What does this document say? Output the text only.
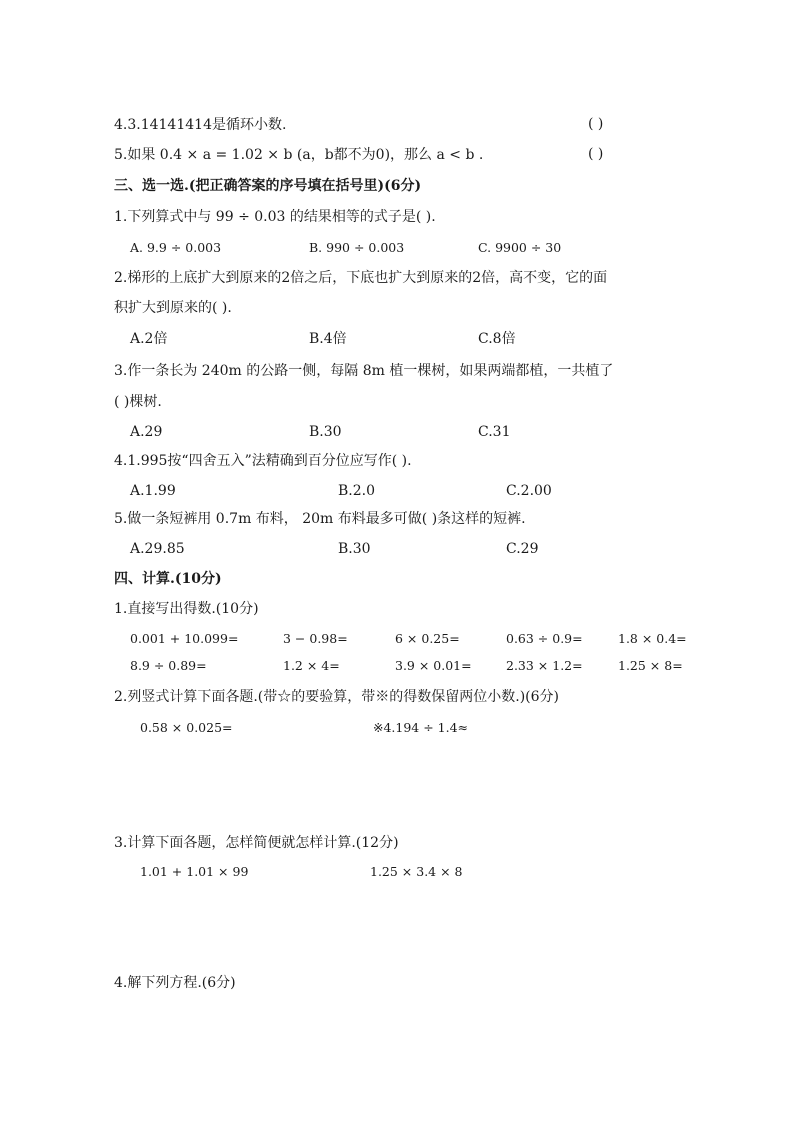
4.3.14141414是循环小数.	( )
5.如果 0.4 × a = 1.02 × b (a，b都不为0)，那么 a < b .	( )
三、选一选.(把正确答案的序号填在括号里)(6分)
1.下列算式中与 99 ÷ 0.03 的结果相等的式子是( ).
A. 9.9 ÷ 0.003	B. 990 ÷ 0.003	C. 9900 ÷ 30
2.梯形的上底扩大到原来的2倍之后，下底也扩大到原来的2倍，高不变，它的面
积扩大到原来的( ).
A.2倍	B.4倍	C.8倍
3.作一条长为 240m 的公路一侧，每隔 8m 植一棵树，如果两端都植，一共植了
( )棵树.
A.29	B.30	C.31
4.1.995按“四舍五入”法精确到百分位应写作( ).
A.1.99	B.2.0	C.2.00
5.做一条短裤用 0.7m 布料， 20m 布料最多可做( )条这样的短裤.
A.29.85	B.30	C.29
四、计算.(10分)
1.直接写出得数.(10分)
0.001 + 10.099=	3 − 0.98=	6 × 0.25=	0.63 ÷ 0.9=	1.8 × 0.4=
8.9 ÷ 0.89=	1.2 × 4=	3.9 × 0.01=	2.33 × 1.2=	1.25 × 8=
2.列竖式计算下面各题.(带☆的要验算，带※的得数保留两位小数.)(6分)
0.58 × 0.025=	※4.194 ÷ 1.4≈
3.计算下面各题，怎样简便就怎样计算.(12分)
1.01 + 1.01 × 99	1.25 × 3.4 × 8
4.解下列方程.(6分)
